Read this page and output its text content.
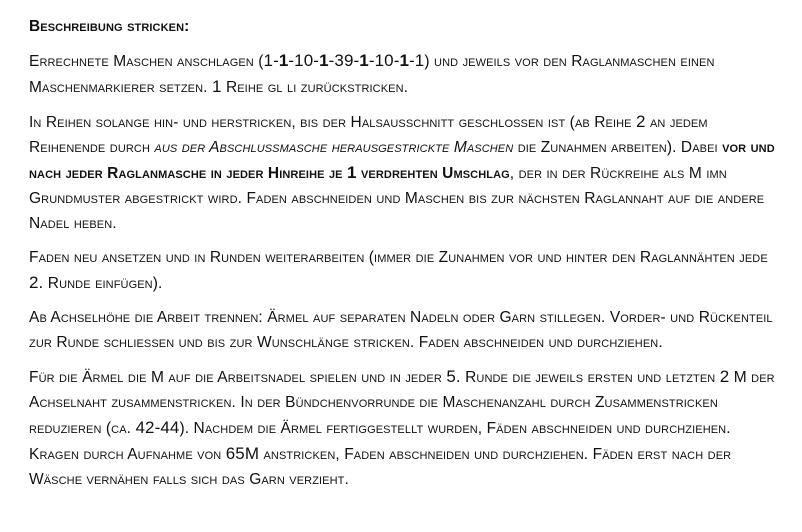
Beschreibung stricken:
Errechnete Maschen anschlagen (1-1-10-1-39-1-10-1-1) und jeweils vor den Raglanmaschen einen Maschenmarkierer setzen. 1 Reihe gl li zurückstricken.
In Reihen solange hin- und herstricken, bis der Halsausschnitt geschlossen ist (ab Reihe 2 an jedem Reihenende durch aus der Abschlussmasche herausgestrickte Maschen die Zunahmen arbeiten). Dabei vor und nach jeder Raglanmasche in jeder Hinreihe je 1 verdrehten Umschlag, der in der Rückreihe als M imn Grundmuster abgestrickt wird. Faden abschneiden und Maschen bis zur nächsten Raglannaht auf die andere Nadel heben.
Faden neu ansetzen und in Runden weiterarbeiten (immer die Zunahmen vor und hinter den Raglannähten jede 2. Runde einfügen).
Ab Achselhöhe die Arbeit trennen: Ärmel auf separaten Nadeln oder Garn stillegen. Vorder- und Rückenteil zur Runde schliessen und bis zur Wunschlänge stricken. Faden abschneiden und durchziehen.
Für die Ärmel die M auf die Arbeitsnadel spielen und in jeder 5. Runde die jeweils ersten und letzten 2 M der Achselnaht zusammenstricken. In der Bündchenvorrunde die Maschenanzahl durch Zusammenstricken reduzieren (ca. 42-44). Nachdem die Ärmel fertiggestellt wurden, Fäden abschneiden und durchziehen. Kragen durch Aufnahme von 65M anstricken, Faden abschneiden und durchziehen. Fäden erst nach der Wäsche vernähen falls sich das Garn verzieht.
